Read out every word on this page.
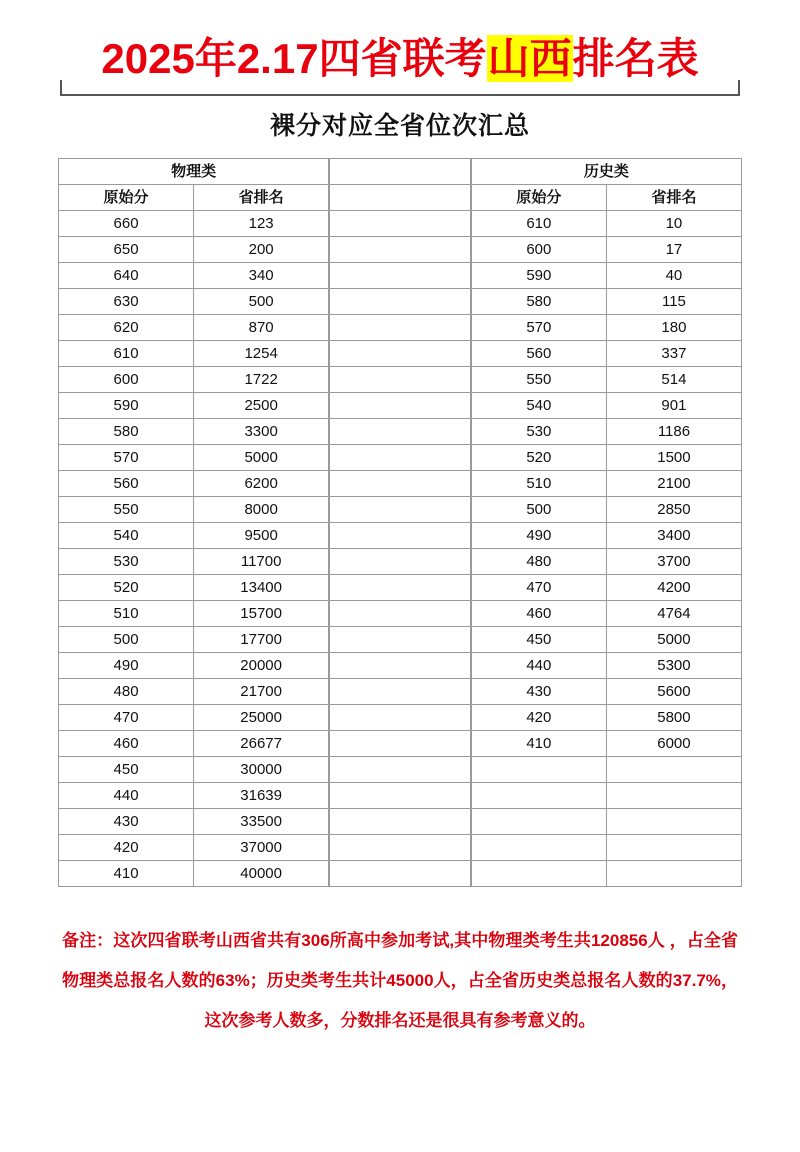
2025年2.17四省联考山西排名表
裸分对应全省位次汇总
物理类	
原始分	省排名
660	123
650	200
640	340
630	500
620	870
610	1254
600	1722
590	2500
580	3300
570	5000
560	6200
550	8000
540	9500
530	11700
520	13400
510	15700
500	17700
490	20000
480	21700
470	25000
460	26677
450	30000
440	31639
430	33500
420	37000
410	40000

历史类	
原始分	省排名
610	10
600	17
590	40
580	115
570	180
560	337
550	514
540	901
530	1186
520	1500
510	2100
500	2850
490	3400
480	3700
470	4200
460	4764
450	5000
440	5300
430	5600
420	5800
410	6000

备注：这次四省联考山西省共有306所高中参加考试,其中物理类考生共120856人 ，占全省物理类总报名人数的63%；历史类考生共计45000人，占全省历史类总报名人数的37.7%，这次参考人数多，分数排名还是很具有参考意义的。
